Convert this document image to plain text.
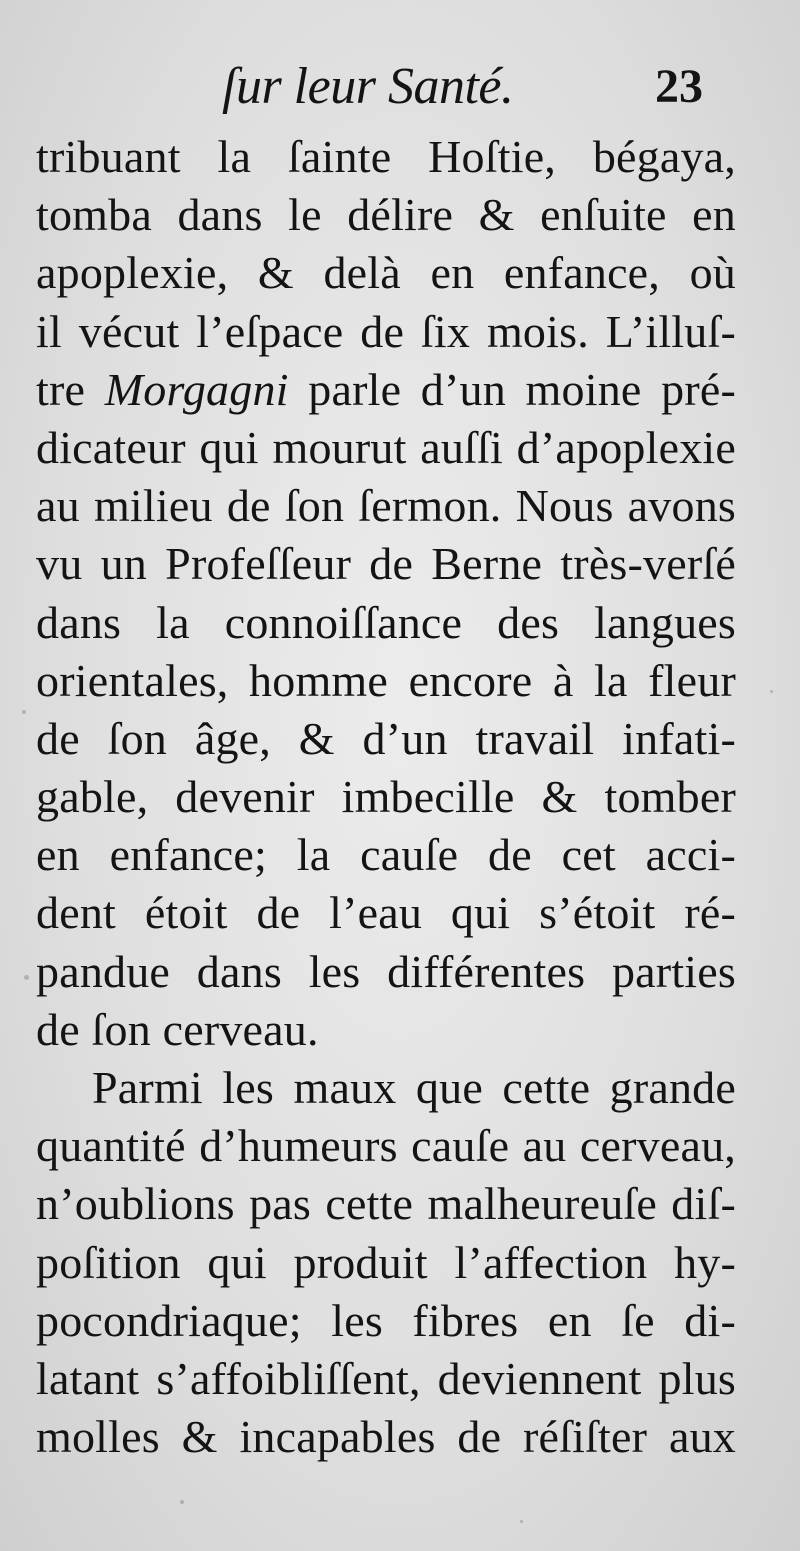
ſur leur Santé.	23
tribuant la ſainte Hoſtie, bégaya,
tomba dans le délire & enſuite en
apoplexie, & delà en enfance, où
il vécut l’eſpace de ſix mois. L’illuſ-
tre Morgagni parle d’un moine pré-
dicateur qui mourut auſſi d’apoplexie
au milieu de ſon ſermon. Nous avons
vu un Profeſſeur de Berne très-verſé
dans la connoiſſance des langues
orientales, homme encore à la fleur
de ſon âge, & d’un travail infati-
gable, devenir imbecille & tomber
en enfance; la cauſe de cet acci-
dent étoit de l’eau qui s’étoit ré-
pandue dans les différentes parties
de ſon cerveau.
Parmi les maux que cette grande
quantité d’humeurs cauſe au cerveau,
n’oublions pas cette malheureuſe diſ-
poſition qui produit l’affection hy-
pocondriaque; les fibres en ſe di-
latant s’affoibliſſent, deviennent plus
molles & incapables de réſiſter aux
